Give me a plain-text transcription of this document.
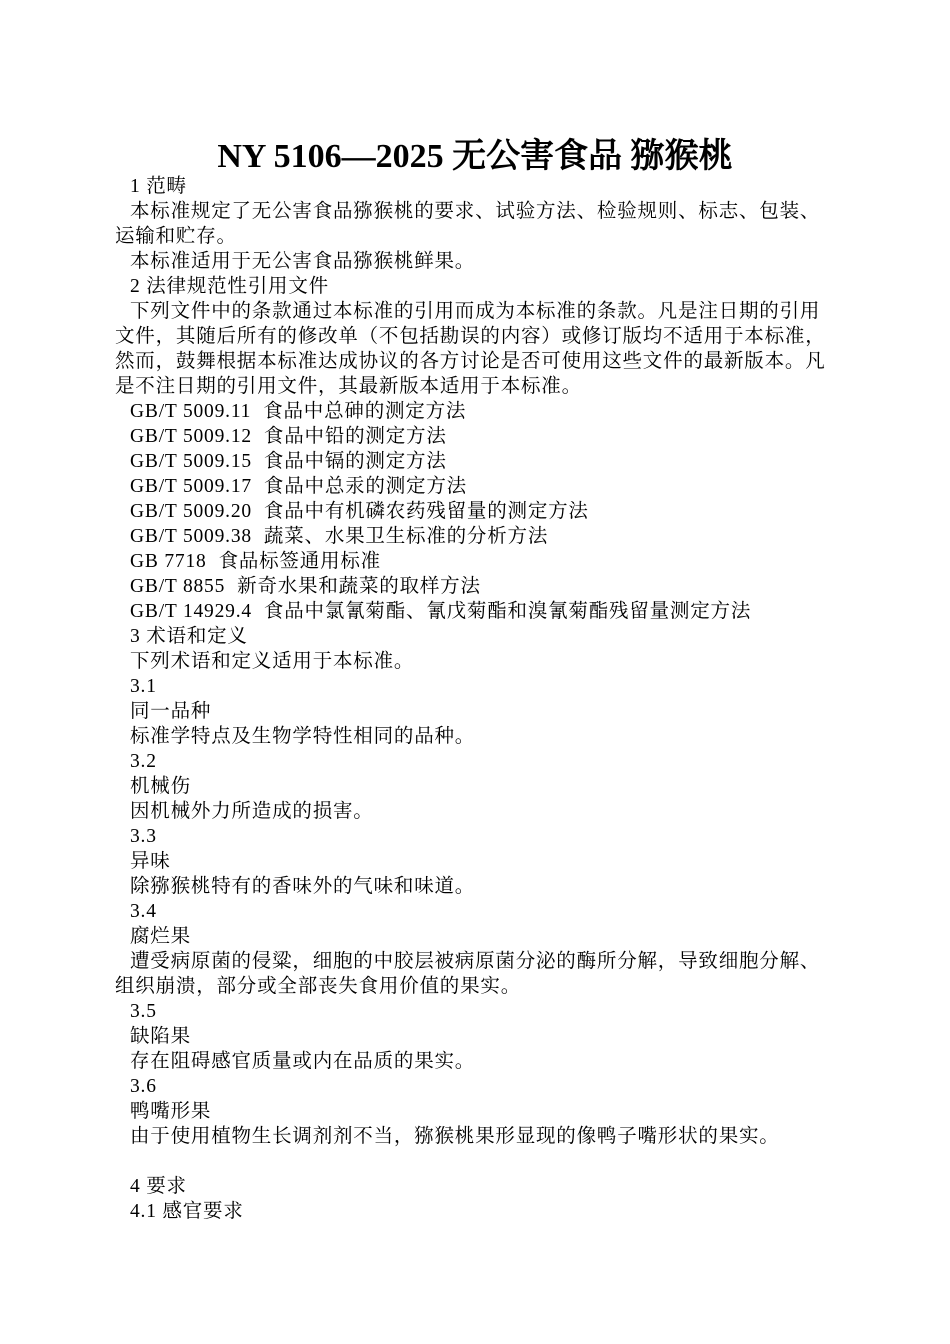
NY 5106—2025 无公害食品 猕猴桃
1 范畴
本标准规定了无公害食品猕猴桃的要求、试验方法、检验规则、标志、包装、运输和贮存。
本标准适用于无公害食品猕猴桃鲜果。
2 法律规范性引用文件
下列文件中的条款通过本标准的引用而成为本标准的条款。凡是注日期的引用文件，其随后所有的修改单（不包括勘误的内容）或修订版均不适用于本标准，然而，鼓舞根据本标准达成协议的各方讨论是否可使用这些文件的最新版本。凡是不注日期的引用文件，其最新版本适用于本标准。
GB/T 5009.11 食品中总砷的测定方法
GB/T 5009.12 食品中铅的测定方法
GB/T 5009.15 食品中镉的测定方法
GB/T 5009.17 食品中总汞的测定方法
GB/T 5009.20 食品中有机磷农药残留量的测定方法
GB/T 5009.38 蔬菜、水果卫生标准的分析方法
GB 7718 食品标签通用标准
GB/T 8855 新奇水果和蔬菜的取样方法
GB/T 14929.4 食品中氯氰菊酯、氰戊菊酯和溴氰菊酯残留量测定方法
3 术语和定义
下列术语和定义适用于本标准。
3.1
同一品种
标准学特点及生物学特性相同的品种。
3.2
机械伤
因机械外力所造成的损害。
3.3
异味
除猕猴桃特有的香味外的气味和味道。
3.4
腐烂果
遭受病原菌的侵粱，细胞的中胶层被病原菌分泌的酶所分解，导致细胞分解、组织崩溃，部分或全部丧失食用价值的果实。
3.5
缺陷果
存在阻碍感官质量或内在品质的果实。
3.6
鸭嘴形果
由于使用植物生长调剂剂不当，猕猴桃果形显现的像鸭子嘴形状的果实。
4 要求
4.1 感官要求
